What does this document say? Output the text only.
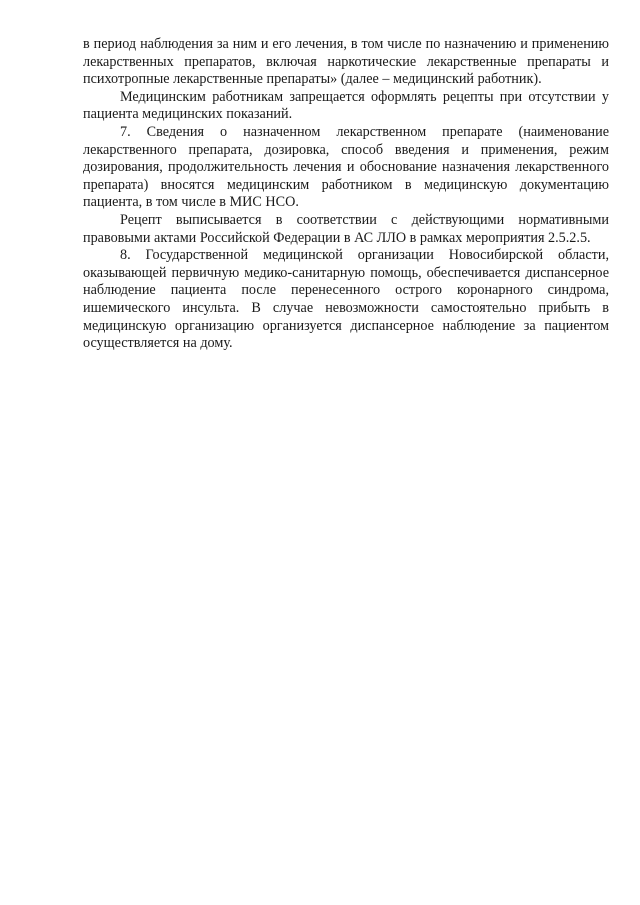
в период наблюдения за ним и его лечения, в том числе по назначению и применению лекарственных препаратов, включая наркотические лекарственные препараты и психотропные лекарственные препараты» (далее – медицинский работник).

Медицинским работникам запрещается оформлять рецепты при отсутствии у пациента медицинских показаний.

7. Сведения о назначенном лекарственном препарате (наименование лекарственного препарата, дозировка, способ введения и применения, режим дозирования, продолжительность лечения и обоснование назначения лекарственного препарата) вносятся медицинским работником в медицинскую документацию пациента, в том числе в МИС НСО.

Рецепт выписывается в соответствии с действующими нормативными правовыми актами Российской Федерации в АС ЛЛО в рамках мероприятия 2.5.2.5.

8. Государственной медицинской организации Новосибирской области, оказывающей первичную медико-санитарную помощь, обеспечивается диспансерное наблюдение пациента после перенесенного острого коронарного синдрома, ишемического инсульта. В случае невозможности самостоятельно прибыть в медицинскую организацию организуется диспансерное наблюдение за пациентом осуществляется на дому.
